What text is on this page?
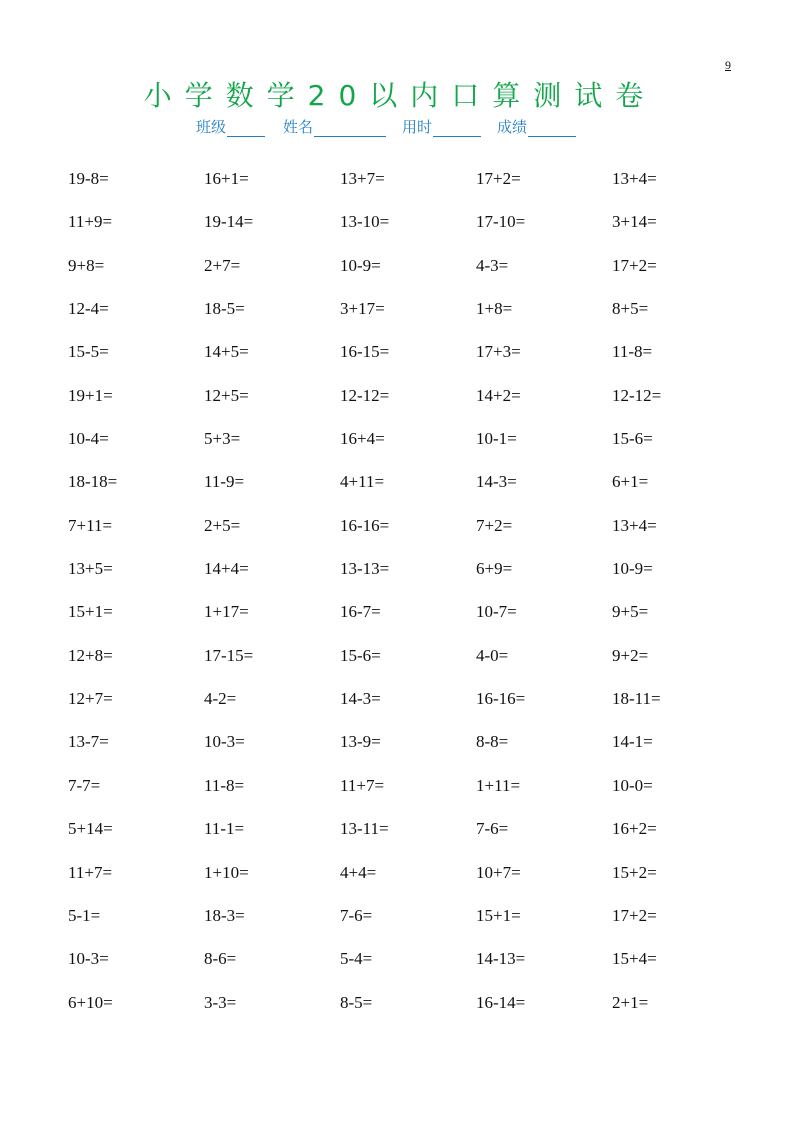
9
小学数学20以内口算测试卷
班级	姓名	用时	成绩
19-8=	16+1=	13+7=	17+2=	13+4=
11+9=	19-14=	13-10=	17-10=	3+14=
9+8=	2+7=	10-9=	4-3=	17+2=
12-4=	18-5=	3+17=	1+8=	8+5=
15-5=	14+5=	16-15=	17+3=	11-8=
19+1=	12+5=	12-12=	14+2=	12-12=
10-4=	5+3=	16+4=	10-1=	15-6=
18-18=	11-9=	4+11=	14-3=	6+1=
7+11=	2+5=	16-16=	7+2=	13+4=
13+5=	14+4=	13-13=	6+9=	10-9=
15+1=	1+17=	16-7=	10-7=	9+5=
12+8=	17-15=	15-6=	4-0=	9+2=
12+7=	4-2=	14-3=	16-16=	18-11=
13-7=	10-3=	13-9=	8-8=	14-1=
7-7=	11-8=	11+7=	1+11=	10-0=
5+14=	11-1=	13-11=	7-6=	16+2=
11+7=	1+10=	4+4=	10+7=	15+2=
5-1=	18-3=	7-6=	15+1=	17+2=
10-3=	8-6=	5-4=	14-13=	15+4=
6+10=	3-3=	8-5=	16-14=	2+1=
